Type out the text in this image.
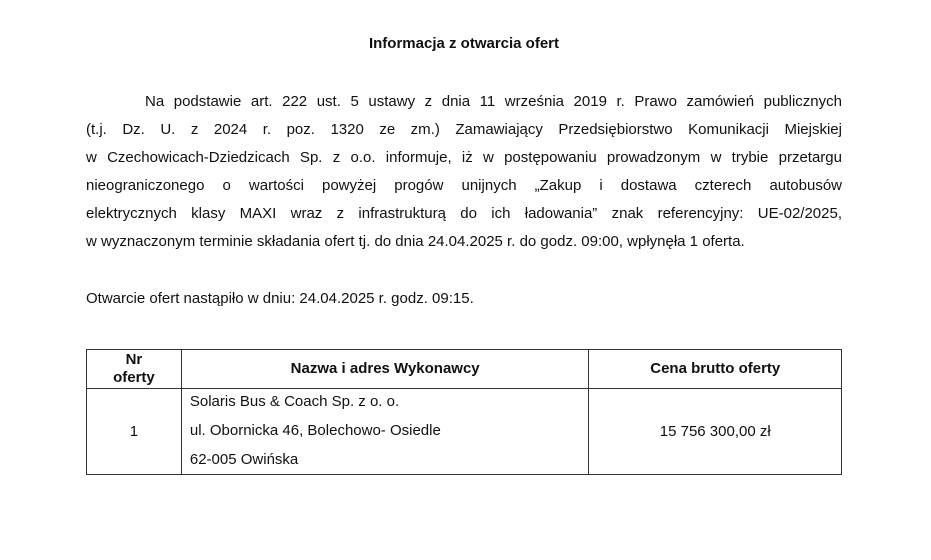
Informacja z otwarcia ofert
Na podstawie art. 222 ust. 5 ustawy z dnia 11 września 2019 r. Prawo zamówień publicznych
(t.j. Dz. U. z 2024 r. poz. 1320 ze zm.) Zamawiający Przedsiębiorstwo Komunikacji Miejskiej
w Czechowicach-Dziedzicach Sp. z o.o. informuje, iż w postępowaniu prowadzonym w trybie przetargu
nieograniczonego o wartości powyżej progów unijnych „Zakup i dostawa czterech autobusów
elektrycznych klasy MAXI wraz z infrastrukturą do ich ładowania” znak referencyjny: UE-02/2025,
w wyznaczonym terminie składania ofert tj. do dnia 24.04.2025 r. do godz. 09:00, wpłynęła 1 oferta.
Otwarcie ofert nastąpiło w dniu: 24.04.2025 r. godz. 09:15.
Nr
oferty	Nazwa i adres Wykonawcy	Cena brutto oferty
1	Solaris Bus & Coach Sp. z o. o.
ul. Obornicka 46, Bolechowo- Osiedle
62-005 Owińska	15 756 300,00 zł
